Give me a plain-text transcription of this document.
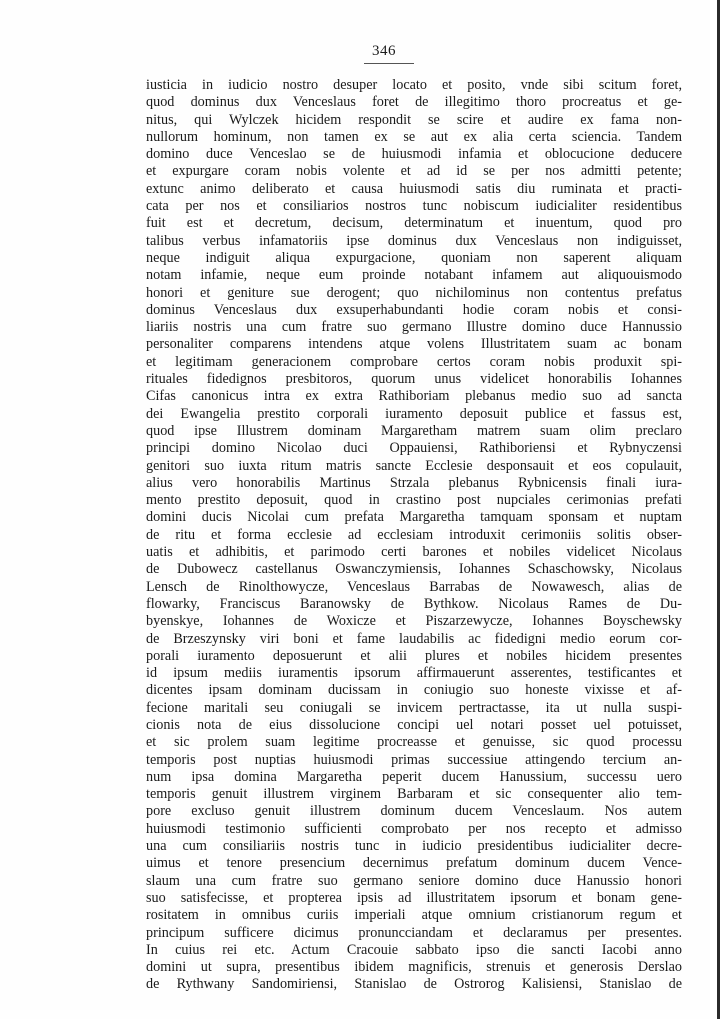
346
iusticia in iudicio nostro desuper locato et posito, vnde sibi scitum foret,
quod dominus dux Venceslaus foret de illegitimo thoro procreatus et ge-
nitus, qui Wylczek hicidem respondit se scire et audire ex fama non-
nullorum hominum, non tamen ex se aut ex alia certa sciencia. Tandem
domino duce Venceslao se de huiusmodi infamia et oblocucione deducere
et expurgare coram nobis volente et ad id se per nos admitti petente;
extunc animo deliberato et causa huiusmodi satis diu ruminata et practi-
cata per nos et consiliarios nostros tunc nobiscum iudicialiter residentibus
fuit est et decretum, decisum, determinatum et inuentum, quod pro
talibus verbus infamatoriis ipse dominus dux Venceslaus non indiguisset,
neque indiguit aliqua expurgacione, quoniam non saperent aliquam
notam infamie, neque eum proinde notabant infamem aut aliquouismodo
honori et geniture sue derogent; quo nichilominus non contentus prefatus
dominus Venceslaus dux exsuperhabundanti hodie coram nobis et consi-
liariis nostris una cum fratre suo germano Illustre domino duce Hannussio
personaliter comparens intendens atque volens Illustritatem suam ac bonam
et legitimam generacionem comprobare certos coram nobis produxit spi-
rituales fidedignos presbitoros, quorum unus videlicet honorabilis Iohannes
Cifas canonicus intra ex extra Rathiboriam plebanus medio suo ad sancta
dei Ewangelia prestito corporali iuramento deposuit publice et fassus est,
quod ipse Illustrem dominam Margaretham matrem suam olim preclaro
principi domino Nicolao duci Oppauiensi, Rathiboriensi et Rybnyczensi
genitori suo iuxta ritum matris sancte Ecclesie desponsauit et eos copulauit,
alius vero honorabilis Martinus Strzala plebanus Rybnicensis finali iura-
mento prestito deposuit, quod in crastino post nupciales cerimonias prefati
domini ducis Nicolai cum prefata Margaretha tamquam sponsam et nuptam
de ritu et forma ecclesie ad ecclesiam introduxit cerimoniis solitis obser-
uatis et adhibitis, et parimodo certi barones et nobiles videlicet Nicolaus
de Dubowecz castellanus Oswanczymiensis, Iohannes Schaschowsky, Nicolaus
Lensch de Rinolthowycze, Venceslaus Barrabas de Nowawesch, alias de
flowarky, Franciscus Baranowsky de Bythkow. Nicolaus Rames de Du-
byenskye, Iohannes de Woxicze et Piszarzewycze, Iohannes Boyschewsky
de Brzeszynsky viri boni et fame laudabilis ac fidedigni medio eorum cor-
porali iuramento deposuerunt et alii plures et nobiles hicidem presentes
id ipsum mediis iuramentis ipsorum affirmauerunt asserentes, testificantes et
dicentes ipsam dominam ducissam in coniugio suo honeste vixisse et af-
fecione maritali seu coniugali se invicem pertractasse, ita ut nulla suspi-
cionis nota de eius dissolucione concipi uel notari posset uel potuisset,
et sic prolem suam legitime procreasse et genuisse, sic quod processu
temporis post nuptias huiusmodi primas successiue attingendo tercium an-
num ipsa domina Margaretha peperit ducem Hanussium, successu uero
temporis genuit illustrem virginem Barbaram et sic consequenter alio tem-
pore excluso genuit illustrem dominum ducem Venceslaum. Nos autem
huiusmodi testimonio sufficienti comprobato per nos recepto et admisso
una cum consiliariis nostris tunc in iudicio presidentibus iudicialiter decre-
uimus et tenore presencium decernimus prefatum dominum ducem Vence-
slaum una cum fratre suo germano seniore domino duce Hanussio honori
suo satisfecisse, et propterea ipsis ad illustritatem ipsorum et bonam gene-
rositatem in omnibus curiis imperiali atque omnium cristianorum regum et
principum sufficere dicimus pronuncciandam et declaramus per presentes.
In cuius rei etc. Actum Cracouie sabbato ipso die sancti Iacobi anno
domini ut supra, presentibus ibidem magnificis, strenuis et generosis Derslao
de Rythwany Sandomiriensi, Stanislao de Ostrorog Kalisiensi, Stanislao de
